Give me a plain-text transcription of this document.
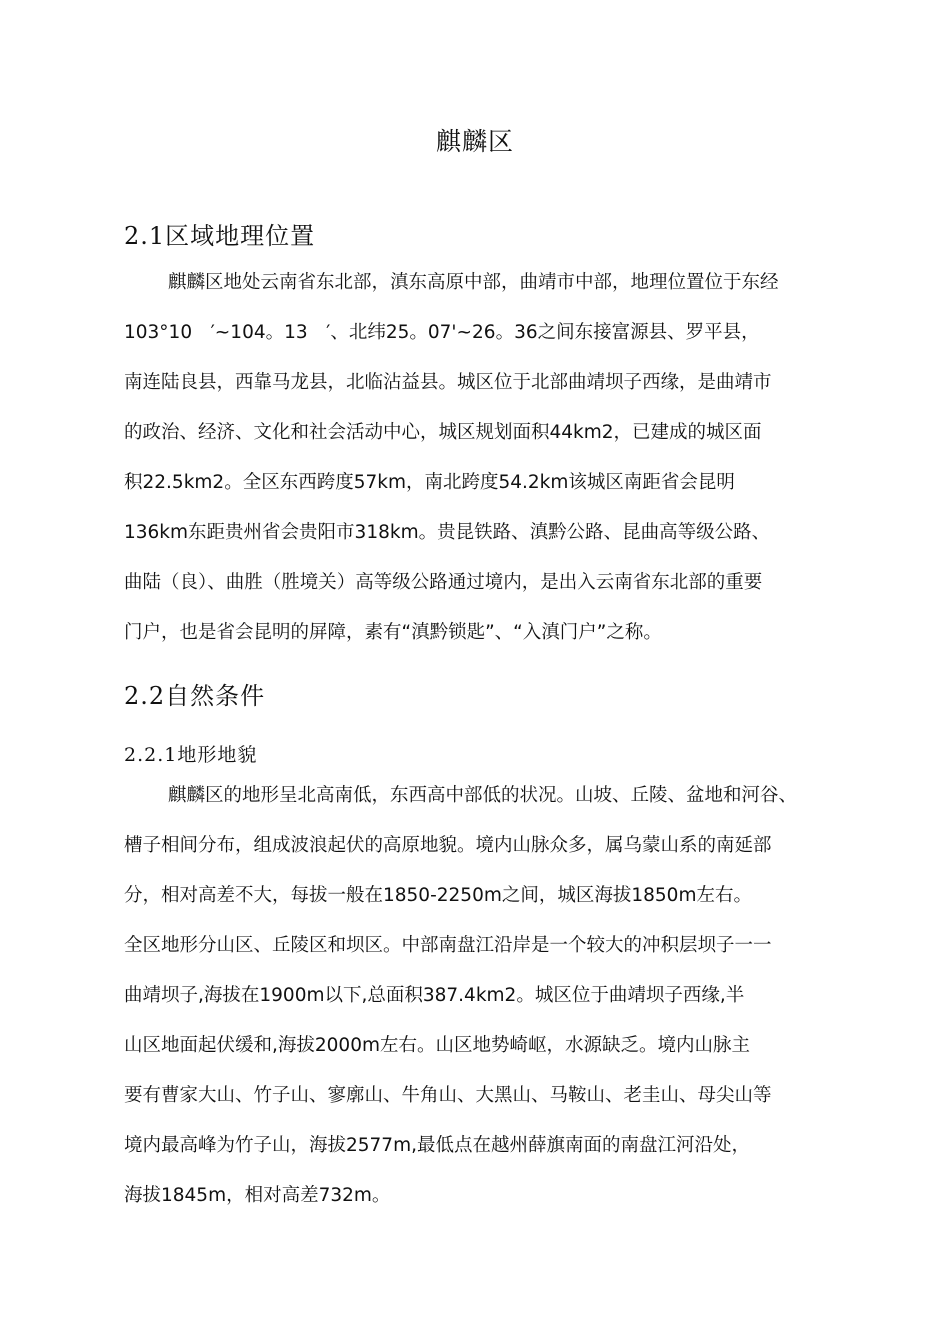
麒麟区
2.1区域地理位置
麒麟区地处云南省东北部，滇东高原中部，曲靖市中部，地理位置位于东经
103°10　′~104。13　′、北纬25。07'~26。36之间东接富源县、罗平县，
南连陆良县，西靠马龙县，北临沾益县。城区位于北部曲靖坝子西缘，是曲靖市
的政治、经济、文化和社会活动中心，城区规划面积44km2，已建成的城区面
积22.5km2。全区东西跨度57km，南北跨度54.2km该城区南距省会昆明
136km东距贵州省会贵阳市318km。贵昆铁路、滇黔公路、昆曲高等级公路、
曲陆（良）、曲胜（胜境关）高等级公路通过境内，是出入云南省东北部的重要
门户，也是省会昆明的屏障，素有“滇黔锁匙”、“入滇门户”之称。
2.2自然条件
2.2.1地形地貌
麒麟区的地形呈北高南低，东西高中部低的状况。山坡、丘陵、盆地和河谷、
槽子相间分布，组成波浪起伏的高原地貌。境内山脉众多，属乌蒙山系的南延部
分，相对高差不大，每拔一般在1850-2250m之间，城区海拔1850m左右。
全区地形分山区、丘陵区和坝区。中部南盘江沿岸是一个较大的冲积层坝子一一
曲靖坝子,海拔在1900m以下,总面积387.4km2。城区位于曲靖坝子西缘,半
山区地面起伏缓和,海拔2000m左右。山区地势崎岖，水源缺乏。境内山脉主
要有曹家大山、竹子山、寥廓山、牛角山、大黑山、马鞍山、老圭山、母尖山等
境内最高峰为竹子山，海拔2577m,最低点在越州薛旗南面的南盘江河沿处，
海拔1845m，相对高差732m。
